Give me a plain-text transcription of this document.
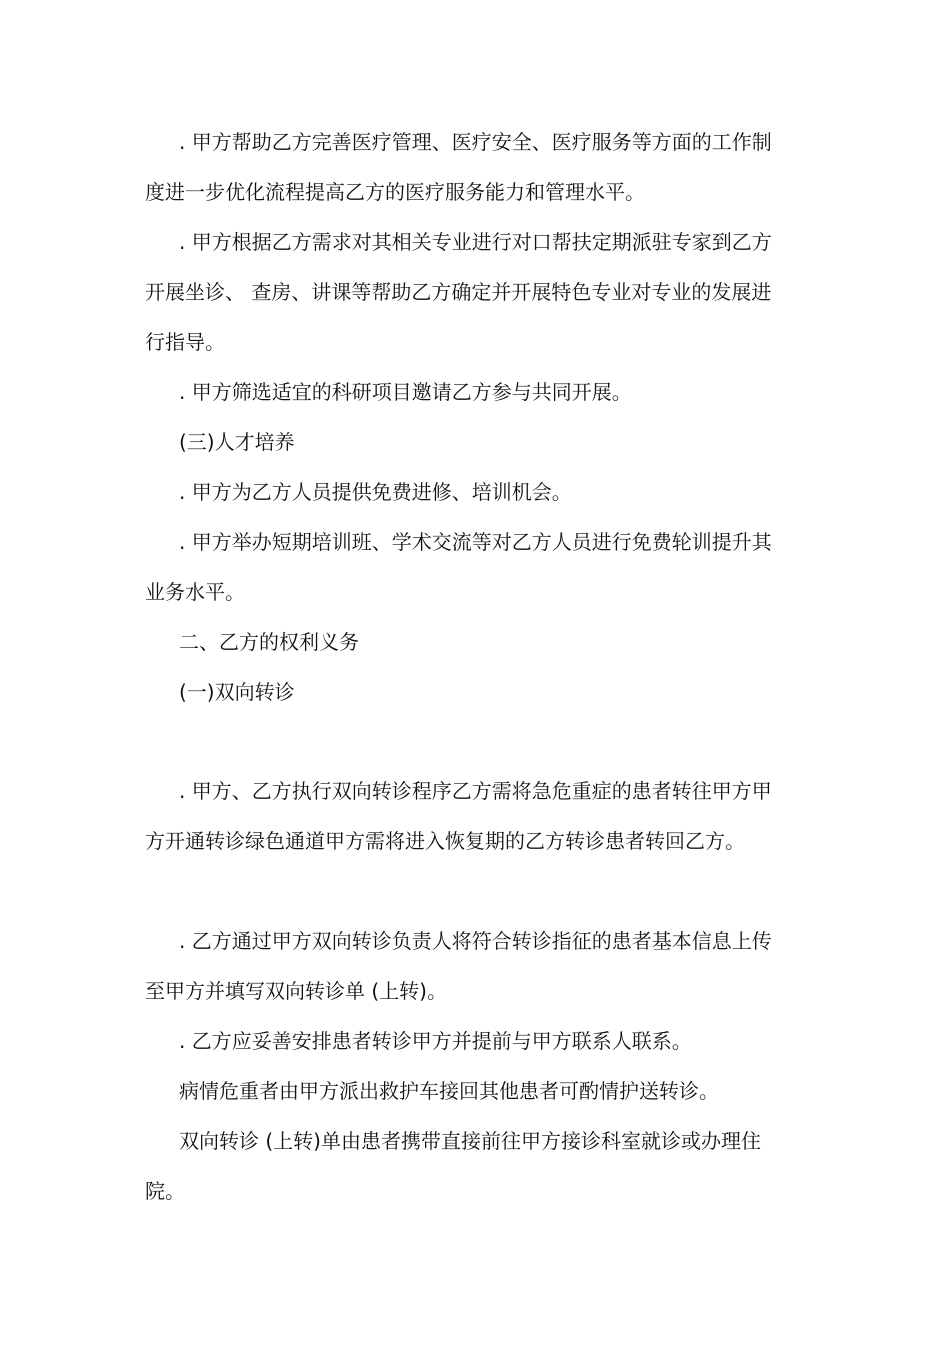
. 甲方帮助乙方完善医疗管理、医疗安全、医疗服务等方面的工作制度进一步优化流程提高乙方的医疗服务能力和管理水平。

. 甲方根据乙方需求对其相关专业进行对口帮扶定期派驻专家到乙方开展坐诊、 查房、讲课等帮助乙方确定并开展特色专业对专业的发展进行指导。

. 甲方筛选适宜的科研项目邀请乙方参与共同开展。

(三)人才培养

. 甲方为乙方人员提供免费进修、培训机会。

. 甲方举办短期培训班、学术交流等对乙方人员进行免费轮训提升其业务水平。

二、乙方的权利义务

(一)双向转诊

. 甲方、乙方执行双向转诊程序乙方需将急危重症的患者转往甲方甲方开通转诊绿色通道甲方需将进入恢复期的乙方转诊患者转回乙方。

. 乙方通过甲方双向转诊负责人将符合转诊指征的患者基本信息上传至甲方并填写双向转诊单 (上转)。

. 乙方应妥善安排患者转诊甲方并提前与甲方联系人联系。

病情危重者由甲方派出救护车接回其他患者可酌情护送转诊。

双向转诊 (上转)单由患者携带直接前往甲方接诊科室就诊或办理住院。
